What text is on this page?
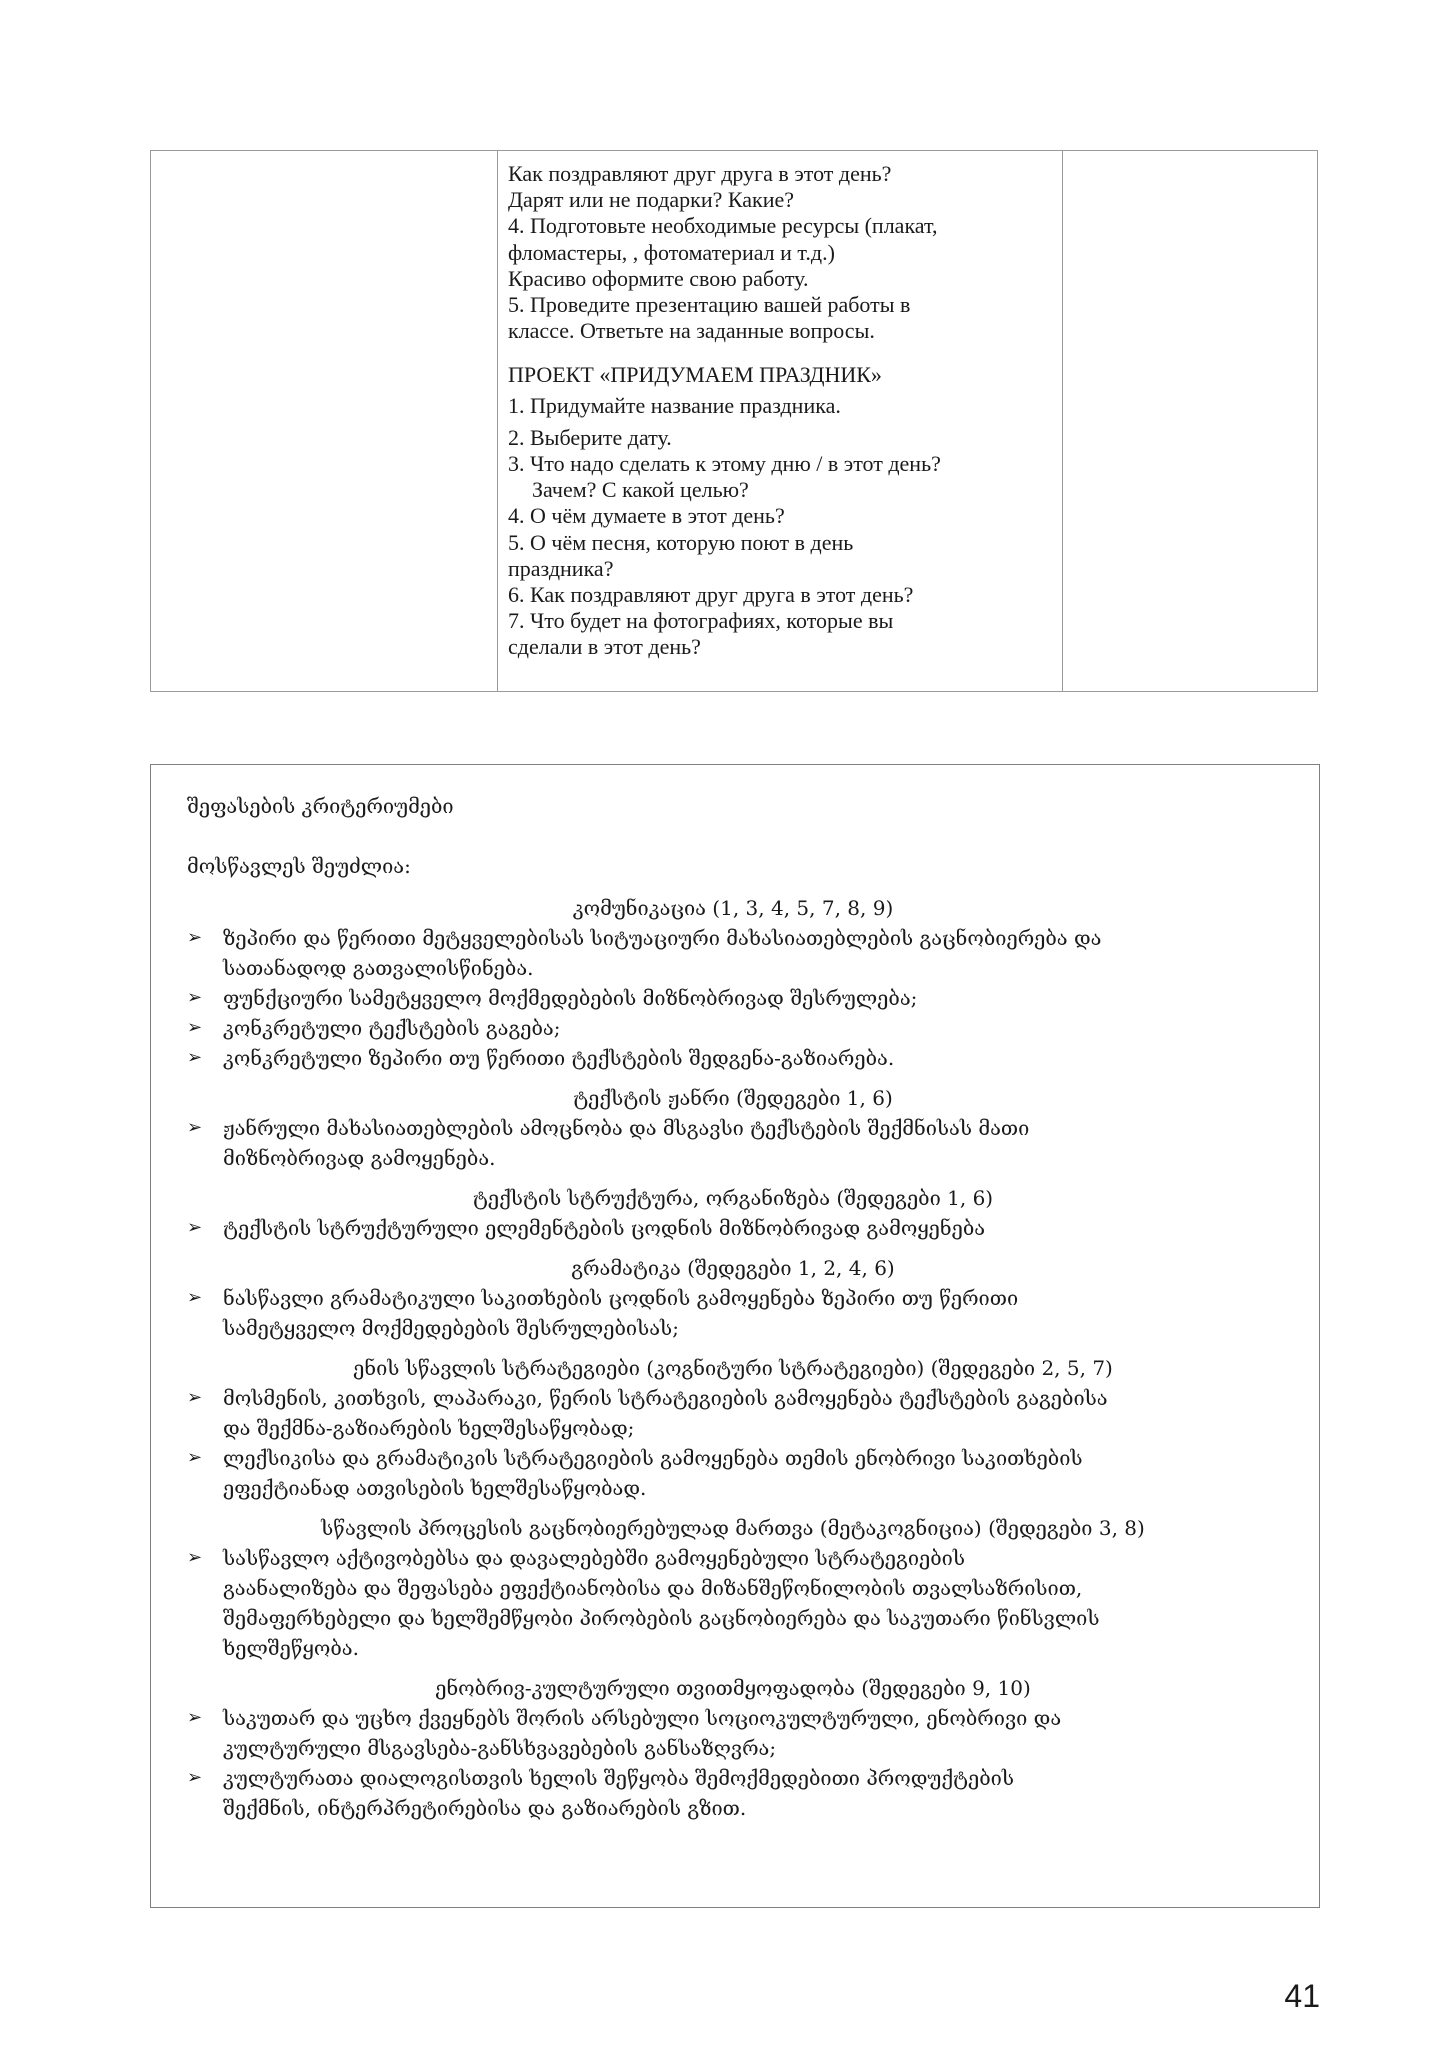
Как поздравляют друг друга в этот день?
Дарят или не подарки? Какие?
4. Подготовьте необходимые ресурсы (плакат,
фломастеры, , фотоматериал и т.д.)
Красиво оформите свою работу.
5. Проведите презентацию вашей работы в
классе. Ответьте на заданные вопросы.
ПРОЕКТ «ПРИДУМАЕМ ПРАЗДНИК»
1. Придумайте название праздника.
2. Выберите дату.
3. Что надо сделать к этому дню / в этот день?
Зачем? С какой целью?
4. О чём думаете в этот день?
5. О чём песня, которую поют в день
праздника?
6. Как поздравляют друг друга в этот день?
7. Что будет на фотографиях, которые вы
сделали в этот день?
შეფასების კრიტერიუმები
მოსწავლეს შეუძლია:
კომუნიკაცია (1, 3, 4, 5, 7, 8, 9)
➢	ზეპირი და წერითი მეტყველებისას სიტუაციური მახასიათებლების გაცნობიერება და
სათანადოდ გათვალისწინება.
➢	ფუნქციური სამეტყველო მოქმედებების მიზნობრივად შესრულება;
➢	კონკრეტული ტექსტების გაგება;
➢	კონკრეტული ზეპირი თუ წერითი ტექსტების შედგენა-გაზიარება.
ტექსტის ჟანრი (შედეგები 1, 6)
➢	ჟანრული მახასიათებლების ამოცნობა და მსგავსი ტექსტების შექმნისას მათი
მიზნობრივად გამოყენება.
ტექსტის სტრუქტურა, ორგანიზება (შედეგები 1, 6)
➢	ტექსტის სტრუქტურული ელემენტების ცოდნის მიზნობრივად გამოყენება
გრამატიკა (შედეგები 1, 2, 4, 6)
➢	ნასწავლი გრამატიკული საკითხების ცოდნის გამოყენება ზეპირი თუ წერითი
სამეტყველო მოქმედებების შესრულებისას;
ენის სწავლის სტრატეგიები (კოგნიტური სტრატეგიები) (შედეგები 2, 5, 7)
➢	მოსმენის, კითხვის, ლაპარაკი, წერის სტრატეგიების გამოყენება ტექსტების გაგებისა
და შექმნა-გაზიარების ხელშესაწყობად;
➢	ლექსიკისა და გრამატიკის სტრატეგიების გამოყენება თემის ენობრივი საკითხების
ეფექტიანად ათვისების ხელშესაწყობად.
სწავლის პროცესის გაცნობიერებულად მართვა (მეტაკოგნიცია) (შედეგები 3, 8)
➢	სასწავლო აქტივობებსა და დავალებებში გამოყენებული სტრატეგიების
გაანალიზება და შეფასება ეფექტიანობისა და მიზანშეწონილობის თვალსაზრისით,
შემაფერხებელი და ხელშემწყობი პირობების გაცნობიერება და საკუთარი წინსვლის
ხელშეწყობა.
ენობრივ-კულტურული თვითმყოფადობა (შედეგები 9, 10)
➢	საკუთარ და უცხო ქვეყნებს შორის არსებული სოციოკულტურული, ენობრივი და
კულტურული მსგავსება-განსხვავებების განსაზღვრა;
➢	კულტურათა დიალოგისთვის ხელის შეწყობა შემოქმედებითი პროდუქტების
შექმნის, ინტერპრეტირებისა და გაზიარების გზით.
41
